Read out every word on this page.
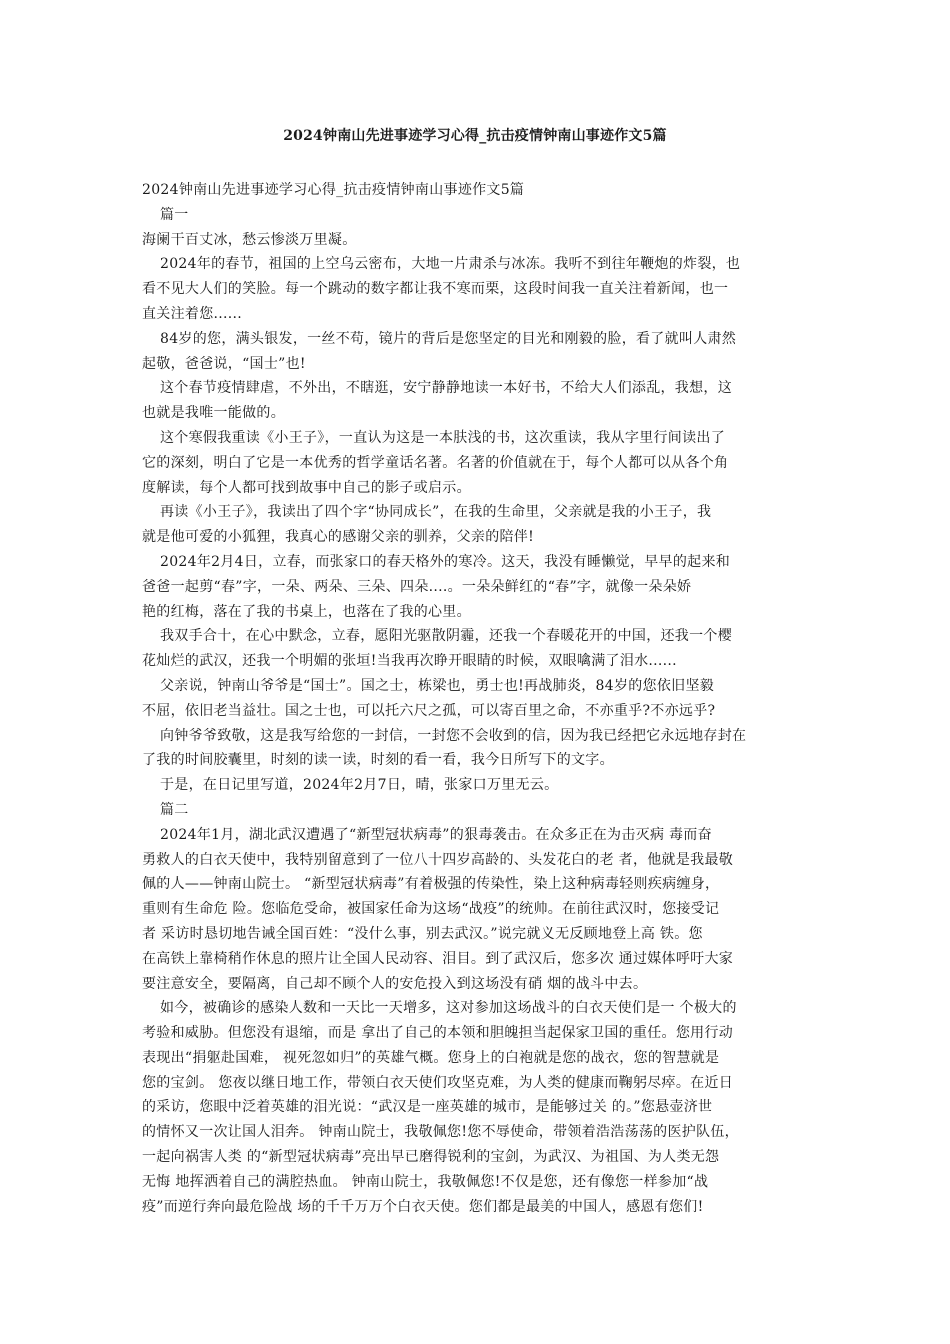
2024钟南山先进事迹学习心得_抗击疫情钟南山事迹作文5篇
2024钟南山先进事迹学习心得_抗击疫情钟南山事迹作文5篇
篇一
海阑干百丈冰，愁云惨淡万里凝。
2024年的春节，祖国的上空乌云密布，大地一片肃杀与冰冻。我听不到往年鞭炮的炸裂，也
看不见大人们的笑脸。每一个跳动的数字都让我不寒而栗，这段时间我一直关注着新闻，也一
直关注着您......
84岁的您，满头银发，一丝不苟，镜片的背后是您坚定的目光和刚毅的脸，看了就叫人肃然
起敬，爸爸说，“国士”也!
这个春节疫情肆虐，不外出，不瞎逛，安宁静静地读一本好书，不给大人们添乱，我想，这
也就是我唯一能做的。
这个寒假我重读《小王子》，一直认为这是一本肤浅的书，这次重读，我从字里行间读出了
它的深刻，明白了它是一本优秀的哲学童话名著。名著的价值就在于，每个人都可以从各个角
度解读，每个人都可找到故事中自己的影子或启示。
再读《小王子》，我读出了四个字“协同成长”，在我的生命里，父亲就是我的小王子，我
就是他可爱的小狐狸，我真心的感谢父亲的驯养，父亲的陪伴!
2024年2月4日，立春，而张家口的春天格外的寒冷。这天，我没有睡懒觉，早早的起来和
爸爸一起剪“春”字，一朵、两朵、三朵、四朵....。一朵朵鲜红的“春”字，就像一朵朵娇
艳的红梅，落在了我的书桌上，也落在了我的心里。
我双手合十，在心中默念，立春，愿阳光驱散阴霾，还我一个春暖花开的中国，还我一个樱
花灿烂的武汉，还我一个明媚的张垣!当我再次睁开眼睛的时候，双眼噙满了泪水......
父亲说，钟南山爷爷是“国士”。国之士，栋梁也，勇士也!再战肺炎，84岁的您依旧坚毅
不屈，依旧老当益壮。国之士也，可以托六尺之孤，可以寄百里之命，不亦重乎?不亦远乎?
向钟爷爷致敬，这是我写给您的一封信，一封您不会收到的信，因为我已经把它永远地存封在
了我的时间胶囊里，时刻的读一读，时刻的看一看，我今日所写下的文字。
于是，在日记里写道，2024年2月7日，晴，张家口万里无云。
篇二
2024年1月，湖北武汉遭遇了“新型冠状病毒”的狠毒袭击。在众多正在为击灭病 毒而奋
勇救人的白衣天使中，我特别留意到了一位八十四岁高龄的、头发花白的老 者，他就是我最敬
佩的人——钟南山院士。 “新型冠状病毒”有着极强的传染性，染上这种病毒轻则疾病缠身，
重则有生命危 险。您临危受命，被国家任命为这场“战疫”的统帅。在前往武汉时，您接受记
者 采访时恳切地告诫全国百姓：“没什么事，别去武汉。”说完就义无反顾地登上高 铁。您
在高铁上靠椅稍作休息的照片让全国人民动容、泪目。到了武汉后，您多次 通过媒体呼吁大家
要注意安全，要隔离，自己却不顾个人的安危投入到这场没有硝 烟的战斗中去。
如今，被确诊的感染人数和一天比一天增多，这对参加这场战斗的白衣天使们是一 个极大的
考验和威胁。但您没有退缩，而是 拿出了自己的本领和胆魄担当起保家卫国的重任。您用行动
表现出“捐躯赴国难， 视死忽如归”的英雄气概。您身上的白袍就是您的战衣，您的智慧就是
您的宝剑。 您夜以继日地工作，带领白衣天使们攻坚克难，为人类的健康而鞠躬尽瘁。在近日
的采访，您眼中泛着英雄的泪光说：“武汉是一座英雄的城市，是能够过关 的。”您悬壶济世
的情怀又一次让国人泪奔。 钟南山院士，我敬佩您!您不辱使命，带领着浩浩荡荡的医护队伍，
一起向祸害人类 的“新型冠状病毒”亮出早已磨得锐利的宝剑，为武汉、为祖国、为人类无怨
无悔 地挥洒着自己的满腔热血。 钟南山院士，我敬佩您!不仅是您，还有像您一样参加“战
疫”而逆行奔向最危险战 场的千千万万个白衣天使。您们都是最美的中国人，感恩有您们!
